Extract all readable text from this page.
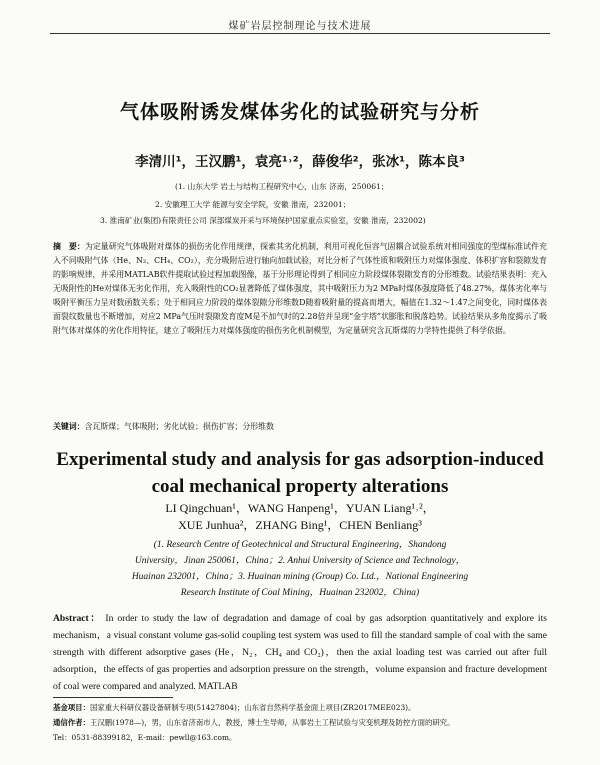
煤矿岩层控制理论与技术进展
气体吸附诱发煤体劣化的试验研究与分析
李清川¹，王汉鹏¹，袁亮¹˒²，薛俊华²，张冰¹，陈本良³
(1. 山东大学 岩土与结构工程研究中心，山东 济南，250061；
2. 安徽理工大学 能源与安全学院，安徽 淮南，232001；
3. 淮南矿业(集团)有限责任公司 深部煤炭开采与环境保护国家重点实验室，安徽 淮南，232002)
摘　要：为定量研究气体吸附对煤体的损伤劣化作用规律，探索其劣化机制，利用可视化恒容气固耦合试验系统对相同强度的型煤标准试件充入不同吸附气体（He、N₂、CH₄、CO₂），充分吸附后进行轴向加载试验，对比分析了气体性质和吸附压力对煤体强度、体积扩容和裂隙发育的影响规律，并采用MATLAB软件提取试验过程加载图像，基于分形理论得到了相同应力阶段煤体裂隙发育的分形维数。试验结果表明：充入无吸附性的He对煤体无劣化作用，充入吸附性的CO₂显著降低了煤体强度，其中吸附压力为2 MPa时煤体强度降低了48.27%，煤体劣化率与吸附平衡压力呈对数函数关系；处于相同应力阶段的煤体裂隙分形维数D随着吸附量的提高而增大，幅值在1.32～1.47之间变化，同时煤体表面裂纹数量也不断增加，对应2 MPa气压时裂隙发育度M是不加气时的2.28倍并呈现“金字塔”状膨胀和脱落趋势。试验结果从多角度揭示了吸附气体对煤体的劣化作用特征，建立了吸附压力对煤体强度的损伤劣化机制模型，为定量研究含瓦斯煤的力学特性提供了科学依据。
关键词：含瓦斯煤；气体吸附；劣化试验；损伤扩容；分形维数
Experimental study and analysis for gas adsorption-induced
coal mechanical property alterations
LI Qingchuan¹，WANG Hanpeng¹，YUAN Liang¹˒²，
XUE Junhua²，ZHANG Bing¹，CHEN Benliang³
(1. Research Centre of Geotechnical and Structural Engineering，Shandong
University，Jinan 250061，China；2. Anhui University of Science and Technology，
Huainan 232001，China；3. Huainan mining (Group) Co. Ltd.，National Engineering
Research Institute of Coal Mining，Huainan 232002，China)
Abstract： In order to study the law of degradation and damage of coal by gas adsorption quantitatively and explore its mechanism，a visual constant volume gas-solid coupling test system was used to fill the standard sample of coal with the same strength with different adsorptive gases (He，N₂，CH₄ and CO₂)，then the axial loading test was carried out after full adsorption，the effects of gas properties and adsorption pressure on the strength，volume expansion and fracture development of coal were compared and analyzed. MATLAB
基金项目：国家重大科研仪器设备研制专项(51427804)；山东省自然科学基金面上项目(ZR2017MEE023)。
通信作者：王汉鹏(1978—)，男，山东省济南市人，教授，博士生导师，从事岩土工程试验与灾变机理及防控方面的研究。
Tel：0531-88399182，E-mail：pewll@163.com。
